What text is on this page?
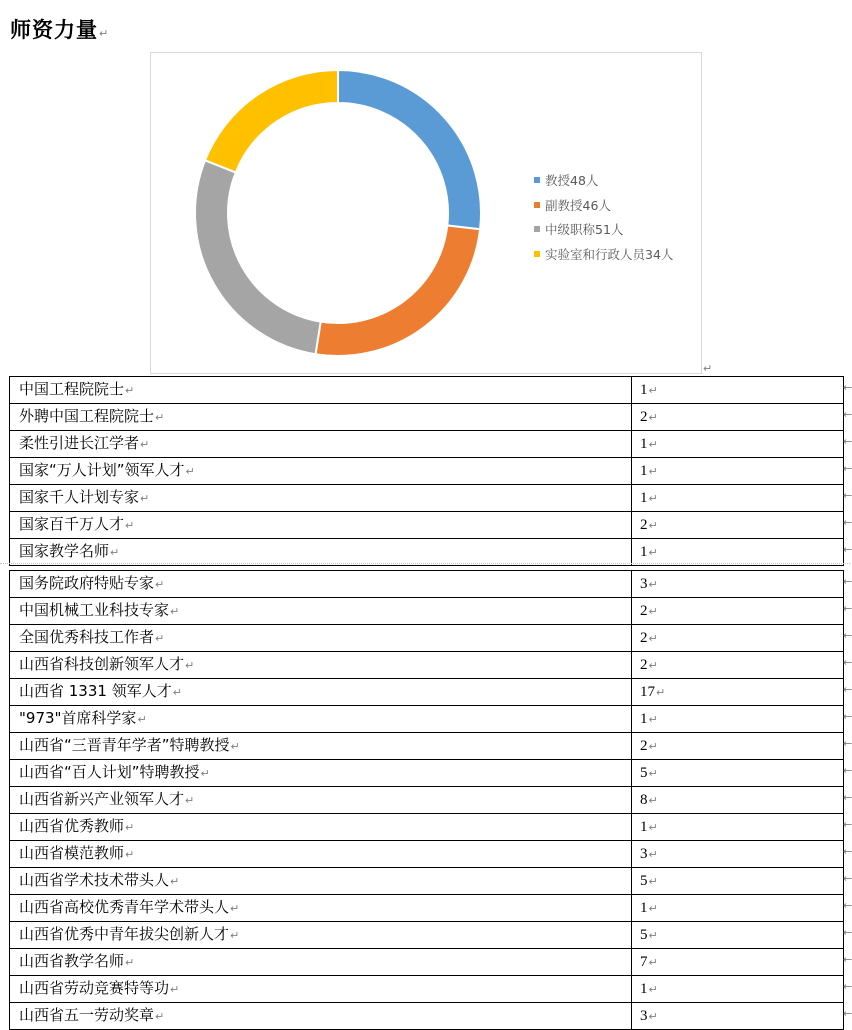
师资力量↵
教授48人
副教授46人
中级职称51人
实验室和行政人员34人
↵
中国工程院院士↵	1↵
外聘中国工程院院士↵	2↵
柔性引进长江学者↵	1↵
国家“万人计划”领军人才↵	1↵
国家千人计划专家↵	1↵
国家百千万人才↵	2↵
国家教学名师↵	1↵
国务院政府特贴专家↵	3↵
中国机械工业科技专家↵	2↵
全国优秀科技工作者↵	2↵
山西省科技创新领军人才↵	2↵
山西省 1331 领军人才↵	17↵
"973"首席科学家↵	1↵
山西省“三晋青年学者”特聘教授↵	2↵
山西省“百人计划”特聘教授↵	5↵
山西省新兴产业领军人才↵	8↵
山西省优秀教师↵	1↵
山西省模范教师↵	3↵
山西省学术技术带头人↵	5↵
山西省高校优秀青年学术带头人↵	1↵
山西省优秀中青年拔尖创新人才↵	5↵
山西省教学名师↵	7↵
山西省劳动竞赛特等功↵	1↵
山西省五一劳动奖章↵	3↵
←
←
←
←
←
←
←
←
←
←
←
←
←
←
←
←
←
←
←
←
←
←
←
←
